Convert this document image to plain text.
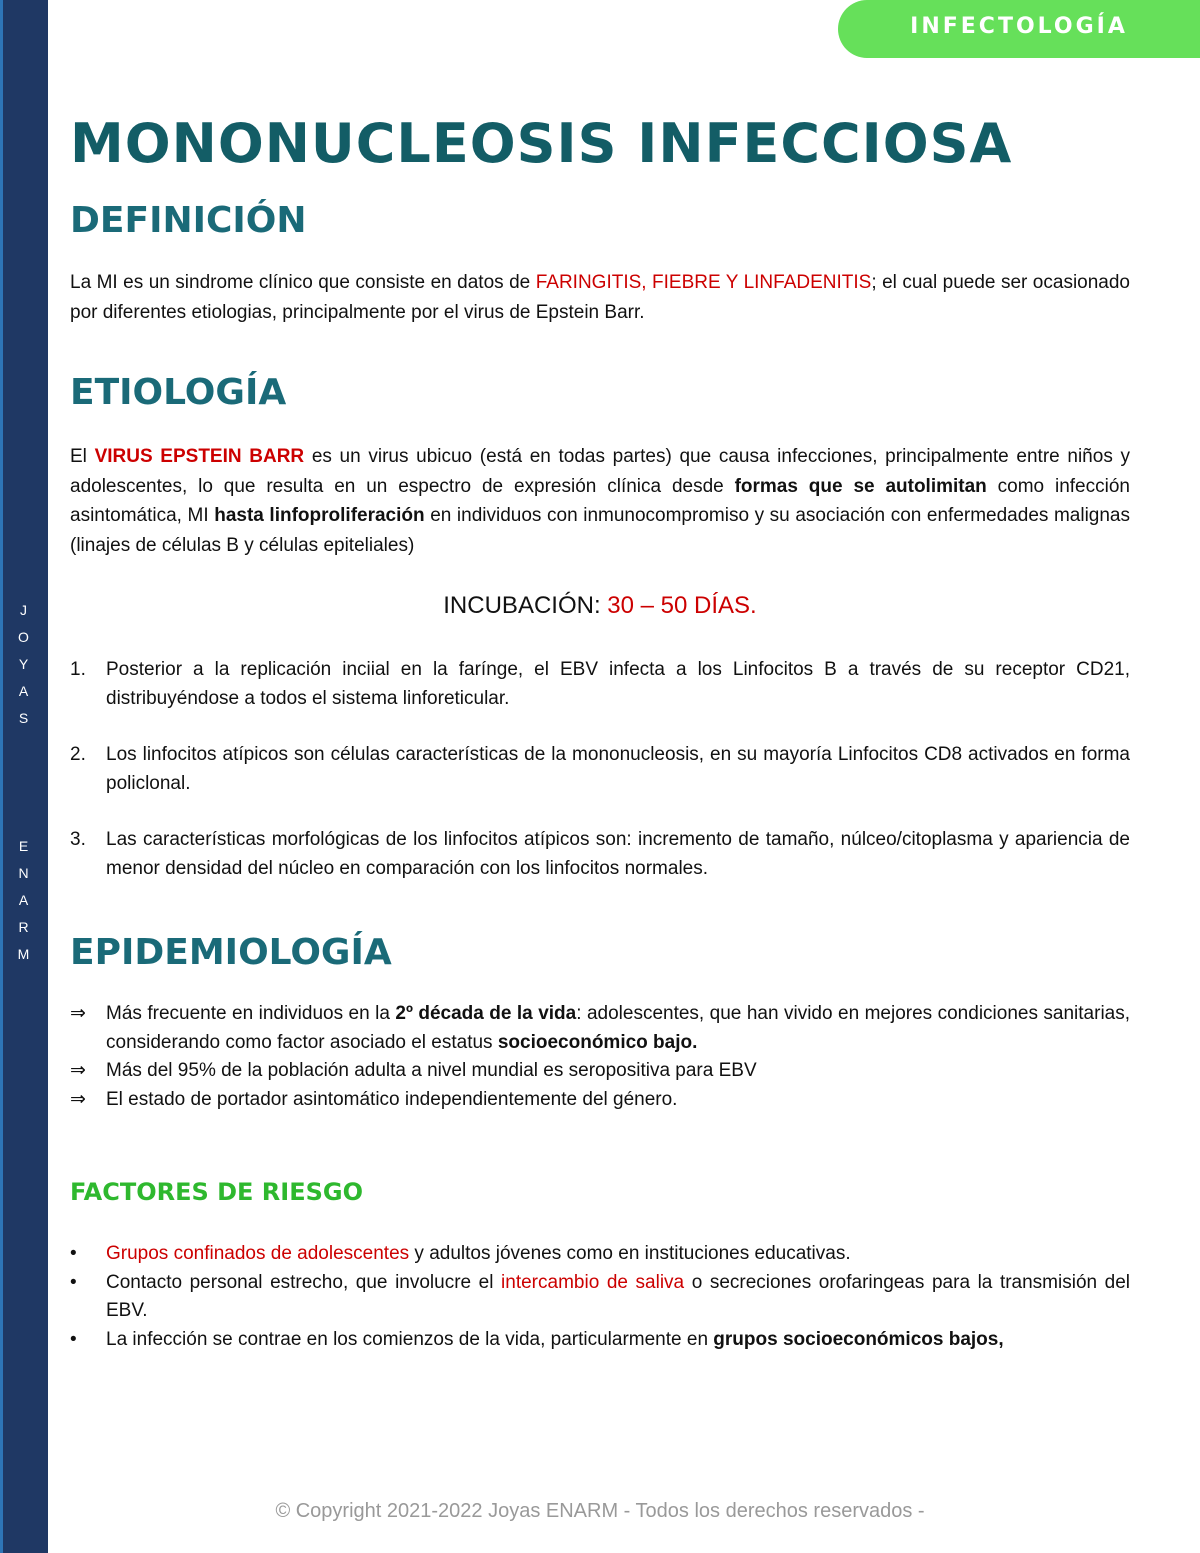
J
O
Y
A
S
E
N
A
R
M
INFECTOLOGÍA
MONONUCLEOSIS INFECCIOSA
DEFINICIÓN

La MI es un sindrome clínico que consiste en datos de FARINGITIS, FIEBRE Y LINFADENITIS; el cual puede ser ocasionado por diferentes etiologias, principalmente por el virus de Epstein Barr.

ETIOLOGÍA

El VIRUS EPSTEIN BARR es un virus ubicuo (está en todas partes) que causa infecciones, principalmente entre niños y adolescentes, lo que resulta en un espectro de expresión clínica desde formas que se autolimitan como infección asintomática, MI hasta linfoproliferación en individuos con inmunocompromiso y su asociación con enfermedades malignas (linajes de células B y células epiteliales)

INCUBACIÓN: 30 – 50 DÍAS.
1. Posterior a la replicación inciial en la farínge, el EBV infecta a los Linfocitos B a través de su receptor CD21, distribuyéndose a todos el sistema linforeticular.
2. Los linfocitos atípicos son células características de la mononucleosis, en su mayoría Linfocitos CD8 activados en forma policlonal.
3. Las características morfológicas de los linfocitos atípicos son: incremento de tamaño, núlceo/citoplasma y apariencia de menor densidad del núcleo en comparación con los linfocitos normales.
EPIDEMIOLOGÍA
⇒ Más frecuente en individuos en la 2º década de la vida: adolescentes, que han vivido en mejores condiciones sanitarias, considerando como factor asociado el estatus socioeconómico bajo.
⇒ Más del 95% de la población adulta a nivel mundial es seropositiva para EBV
⇒ El estado de portador asintomático independientemente del género.
FACTORES DE RIESGO
• Grupos confinados de adolescentes y adultos jóvenes como en instituciones educativas.
• Contacto personal estrecho, que involucre el intercambio de saliva o secreciones orofaringeas para la transmisión del EBV.
• La infección se contrae en los comienzos de la vida, particularmente en grupos socioeconómicos bajos,
© Copyright 2021-2022 Joyas ENARM - Todos los derechos reservados -
